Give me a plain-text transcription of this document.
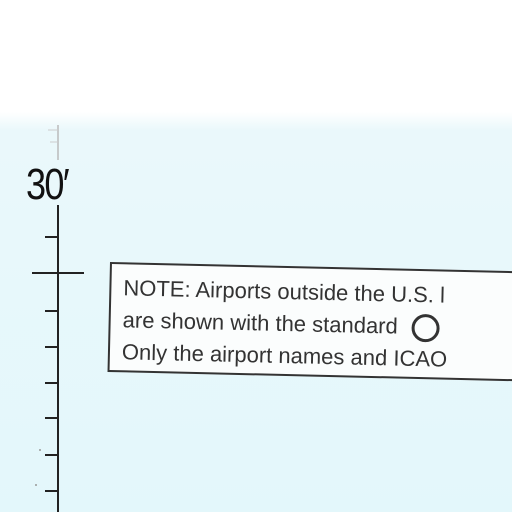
30′
NOTE: Airports outside the U.S. l
are shown with the standard
Only the airport names and ICAO
